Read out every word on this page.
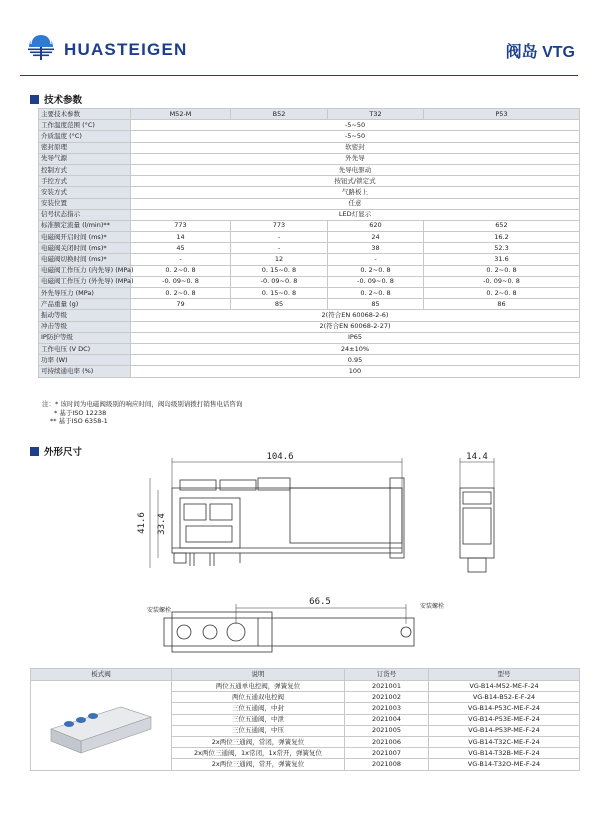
HUASTEIGEN	阀岛 VTG
技术参数
主要技术参数	M52-M	B52	T32	P53
工作温度范围 (°C)	-5~50			
介质温度 (°C)	-5~50			
密封原理	软密封			
先导气源	外先导			
控制方式	先导电驱动			
手控方式	按钮式/锁定式			
安装方式	气路板上			
安装位置	任意			
信号状态指示	LED灯显示			
标准额定流量 (l/min)**	773	773	620	652
电磁阀开启时间 (ms)*	14	-	24	16.2
电磁阀关闭时间 (ms)*	45	-	38	52.3
电磁阀切换时间 (ms)*	-	12	-	31.6
电磁阀工作压力 (内先导) (MPa)	0. 2~0. 8	0. 15~0. 8	0. 2~0. 8	0. 2~0. 8
电磁阀工作压力 (外先导) (MPa)	-0. 09~0. 8	-0. 09~0. 8	-0. 09~0. 8	-0. 09~0. 8
外先导压力 (MPa)	0. 2~0. 8	0. 15~0. 8	0. 2~0. 8	0. 2~0. 8
产品重量 (g)	79	85	85	86
振动等级	2(符合EN 60068-2-6)			
冲击等级	2(符合EN 60068-2-27)			
IP防护等级	IP65			
工作电压 (V DC)	24±10%			
功率 (W)	0.95			
可持续通电率 (%)	100			
注：* 该时间为电磁阀级别的响应时间，阀岛级别请拨打销售电话咨询
* 基于ISO 12238
** 基于ISO 6358-1
外形尺寸	104.6	14.4
41.6 33.4
66.5
安装螺栓
安装螺栓
板式阀	说明	订货号	型号
	两位五通单电控阀，弹簧复位	2021001	VG-B14-M52-ME-F-24
	两位五通双电控阀	2021002	VG-B14-B52-E-F-24
	三位五通阀，中封	2021003	VG-B14-P53C-ME-F-24
	三位五通阀，中泄	2021004	VG-B14-P53E-ME-F-24
	三位五通阀，中压	2021005	VG-B14-P53P-ME-F-24
	2x两位三通阀，常闭，弹簧复位	2021006	VG-B14-T32C-ME-F-24
	2x两位三通阀，1x常闭，1x常开，弹簧复位	2021007	VG-B14-T32B-ME-F-24
	2x两位三通阀，常开，弹簧复位	2021008	VG-B14-T32O-ME-F-24
